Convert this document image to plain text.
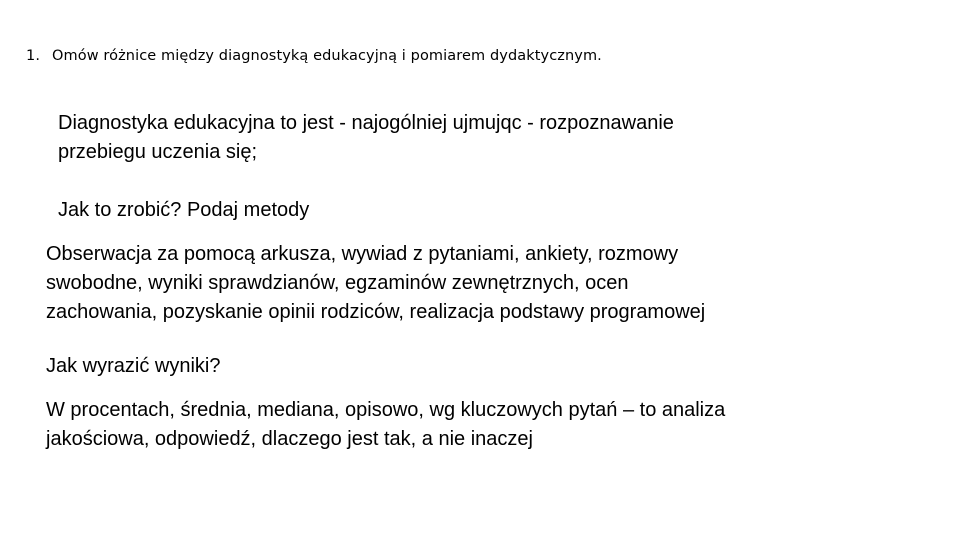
1. Omów różnice między diagnostyką edukacyjną i pomiarem dydaktycznym.
Diagnostyka edukacyjna to jest - najogólniej ujmujqc - rozpoznawanie
przebiegu uczenia się;
Jak to zrobić? Podaj metody
Obserwacja za pomocą arkusza, wywiad z pytaniami, ankiety, rozmowy
swobodne, wyniki sprawdzianów, egzaminów zewnętrznych, ocen
zachowania, pozyskanie opinii rodziców, realizacja podstawy programowej
Jak wyrazić wyniki?
W procentach, średnia, mediana, opisowo, wg kluczowych pytań – to analiza
jakościowa, odpowiedź, dlaczego jest tak, a nie inaczej
